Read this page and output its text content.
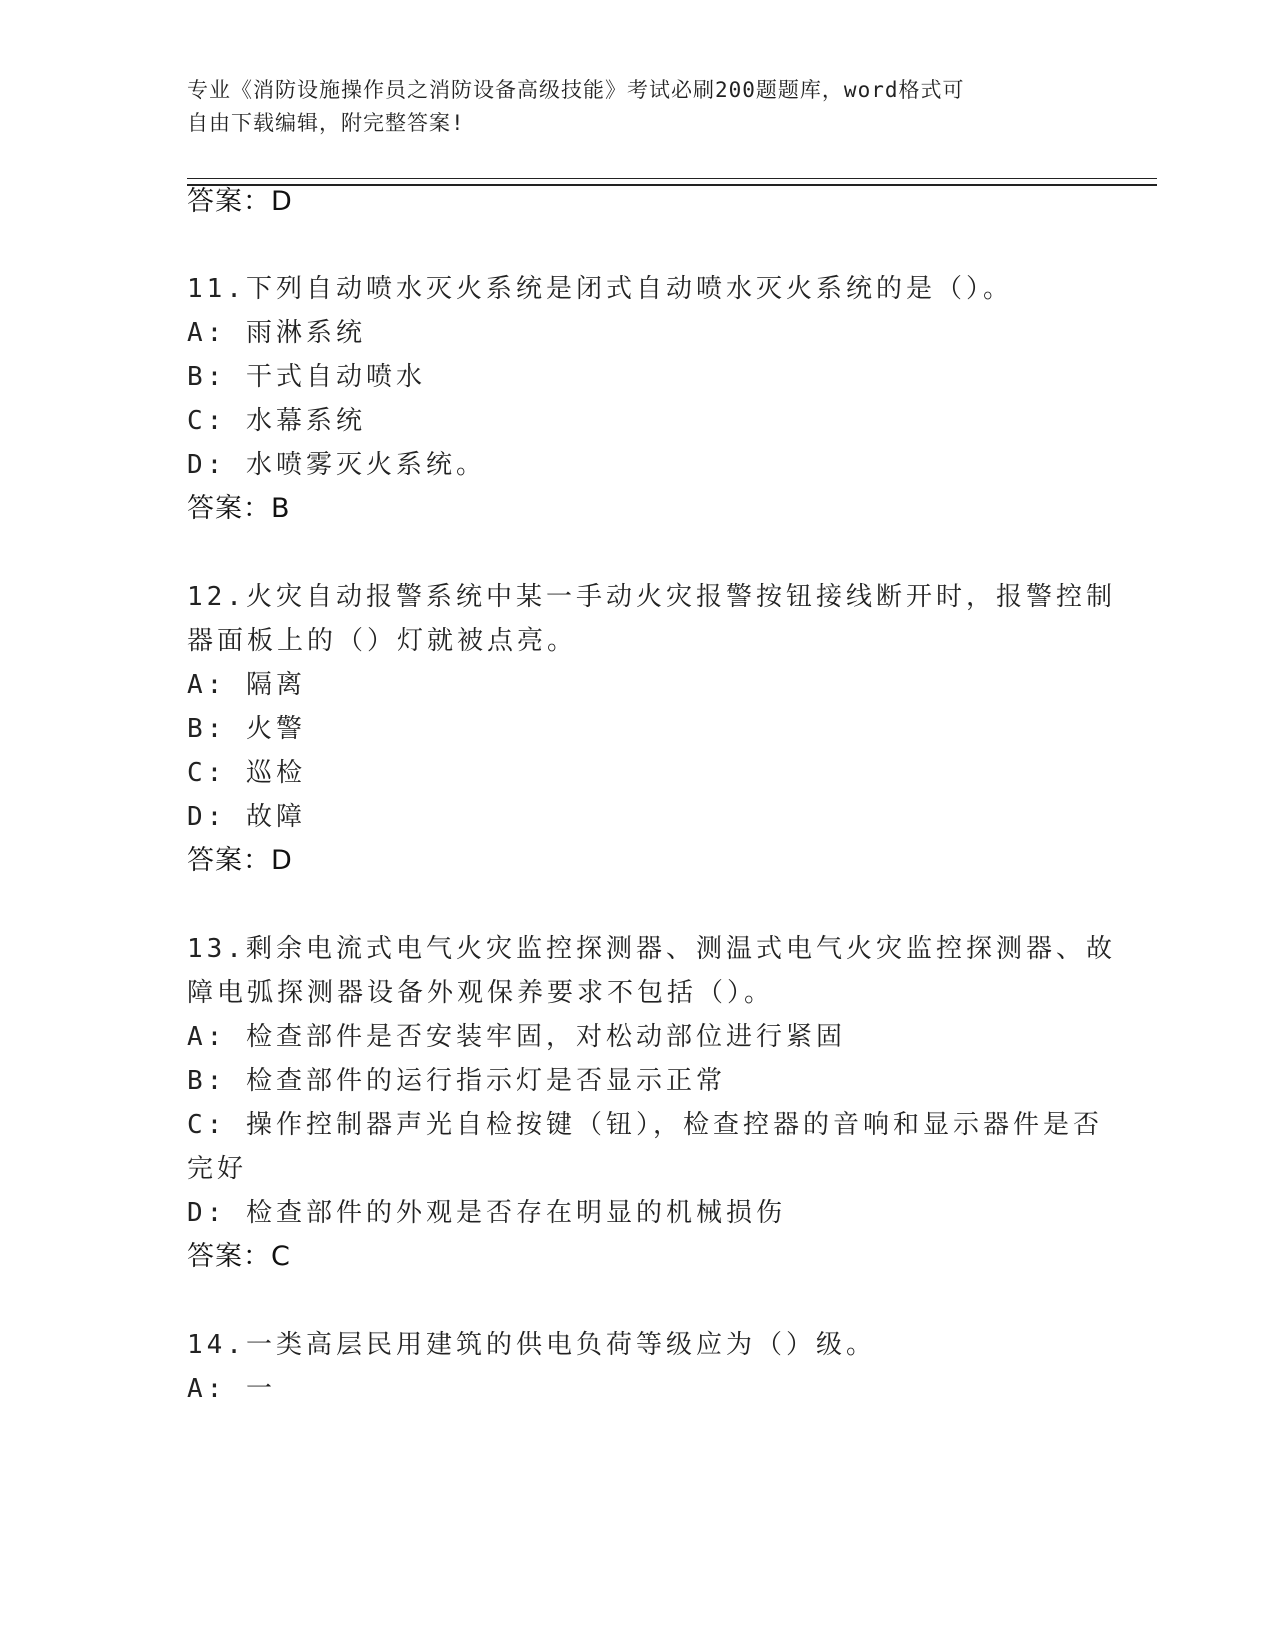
专业《消防设施操作员之消防设备高级技能》考试必刷200题题库，word格式可
自由下载编辑，附完整答案!
答案：D
11.下列自动喷水灭火系统是闭式自动喷水灭火系统的是（）。
A: 雨淋系统
B: 干式自动喷水
C: 水幕系统
D: 水喷雾灭火系统。
答案：B
12.火灾自动报警系统中某一手动火灾报警按钮接线断开时，报警控制
器面板上的（）灯就被点亮。
A: 隔离
B: 火警
C: 巡检
D: 故障
答案：D
13.剩余电流式电气火灾监控探测器、测温式电气火灾监控探测器、故
障电弧探测器设备外观保养要求不包括（）。
A: 检查部件是否安装牢固，对松动部位进行紧固
B: 检查部件的运行指示灯是否显示正常
C: 操作控制器声光自检按键（钮），检查控器的音响和显示器件是否
完好
D: 检查部件的外观是否存在明显的机械损伤
答案：C
14.一类高层民用建筑的供电负荷等级应为（）级。
A: 一
